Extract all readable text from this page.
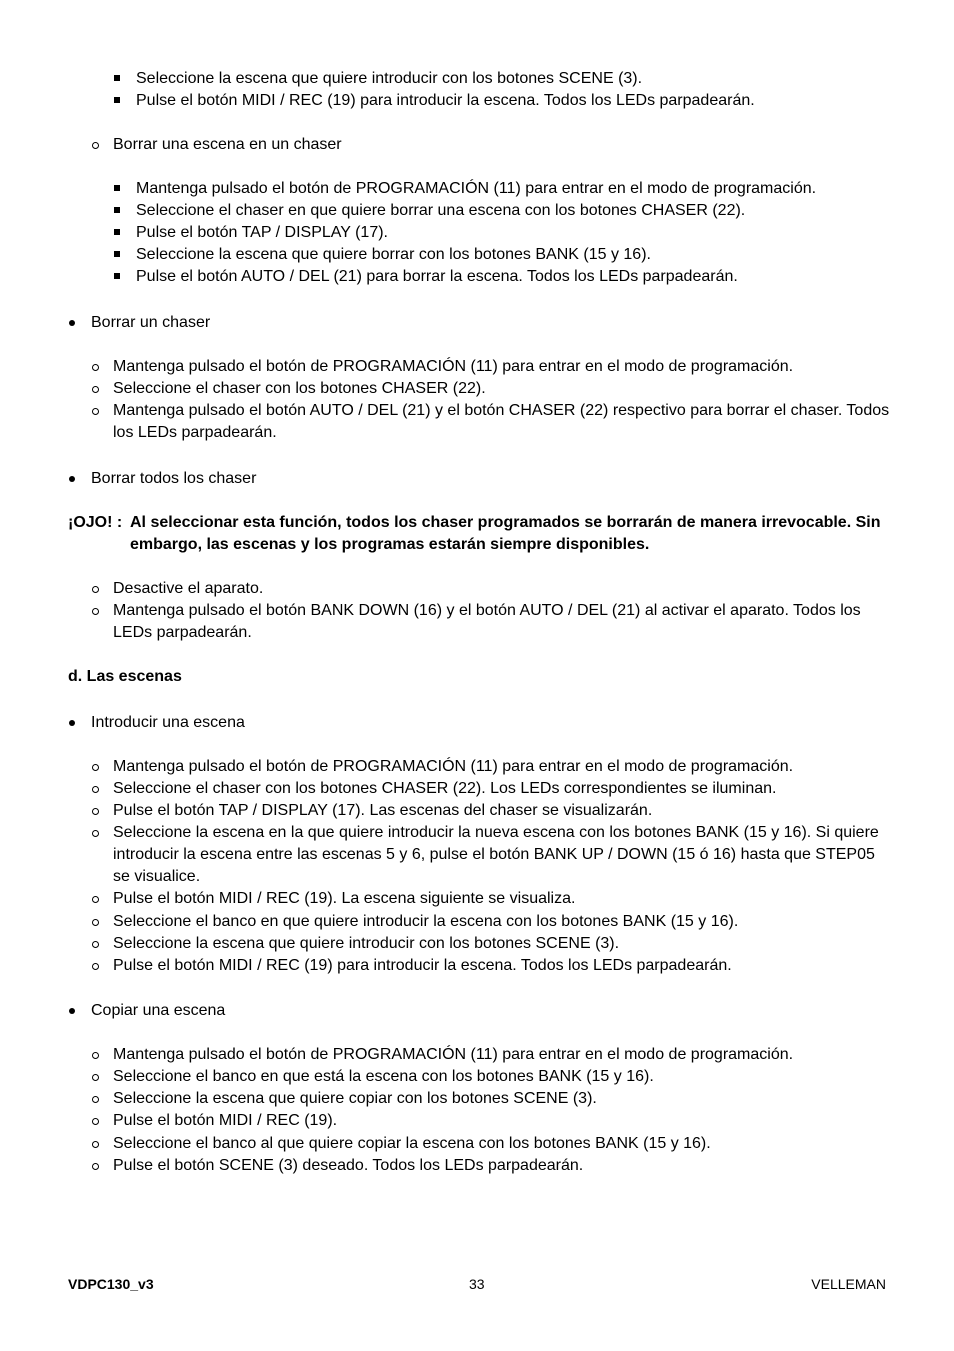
Seleccione la escena que quiere introducir con los botones SCENE (3).
Pulse el botón MIDI / REC (19) para introducir la escena. Todos los LEDs parpadearán.
Borrar una escena en un chaser
Mantenga pulsado el botón de PROGRAMACIÓN (11) para entrar en el modo de programación.
Seleccione el chaser en que quiere borrar una escena con los botones CHASER (22).
Pulse el botón TAP / DISPLAY (17).
Seleccione la escena que quiere borrar con los botones BANK (15 y 16).
Pulse el botón AUTO / DEL (21) para borrar la escena. Todos los LEDs parpadearán.
Borrar un chaser
Mantenga pulsado el botón de PROGRAMACIÓN (11) para entrar en el modo de programación.
Seleccione el chaser con los botones CHASER (22).
Mantenga pulsado el botón AUTO / DEL (21) y el botón CHASER (22) respectivo para borrar el chaser. Todos
los LEDs parpadearán.
Borrar todos los chaser
¡OJO! : Al seleccionar esta función, todos los chaser programados se borrarán de manera irrevocable. Sin
embargo, las escenas y los programas estarán siempre disponibles.
Desactive el aparato.
Mantenga pulsado el botón BANK DOWN (16) y el botón AUTO / DEL (21) al activar el aparato. Todos los
LEDs parpadearán.
d. Las escenas
Introducir una escena
Mantenga pulsado el botón de PROGRAMACIÓN (11) para entrar en el modo de programación.
Seleccione el chaser con los botones CHASER (22). Los LEDs correspondientes se iluminan.
Pulse el botón TAP / DISPLAY (17). Las escenas del chaser se visualizarán.
Seleccione la escena en la que quiere introducir la nueva escena con los botones BANK (15 y 16). Si quiere
introducir la escena entre las escenas 5 y 6, pulse el botón BANK UP / DOWN (15 ó 16) hasta que STEP05
se visualice.
Pulse el botón MIDI / REC (19). La escena siguiente se visualiza.
Seleccione el banco en que quiere introducir la escena con los botones BANK (15 y 16).
Seleccione la escena que quiere introducir con los botones SCENE (3).
Pulse el botón MIDI / REC (19) para introducir la escena. Todos los LEDs parpadearán.
Copiar una escena
Mantenga pulsado el botón de PROGRAMACIÓN (11) para entrar en el modo de programación.
Seleccione el banco en que está la escena con los botones BANK (15 y 16).
Seleccione la escena que quiere copiar con los botones SCENE (3).
Pulse el botón MIDI / REC (19).
Seleccione el banco al que quiere copiar la escena con los botones BANK (15 y 16).
Pulse el botón SCENE (3) deseado. Todos los LEDs parpadearán.
VDPC130_v3	33	VELLEMAN
